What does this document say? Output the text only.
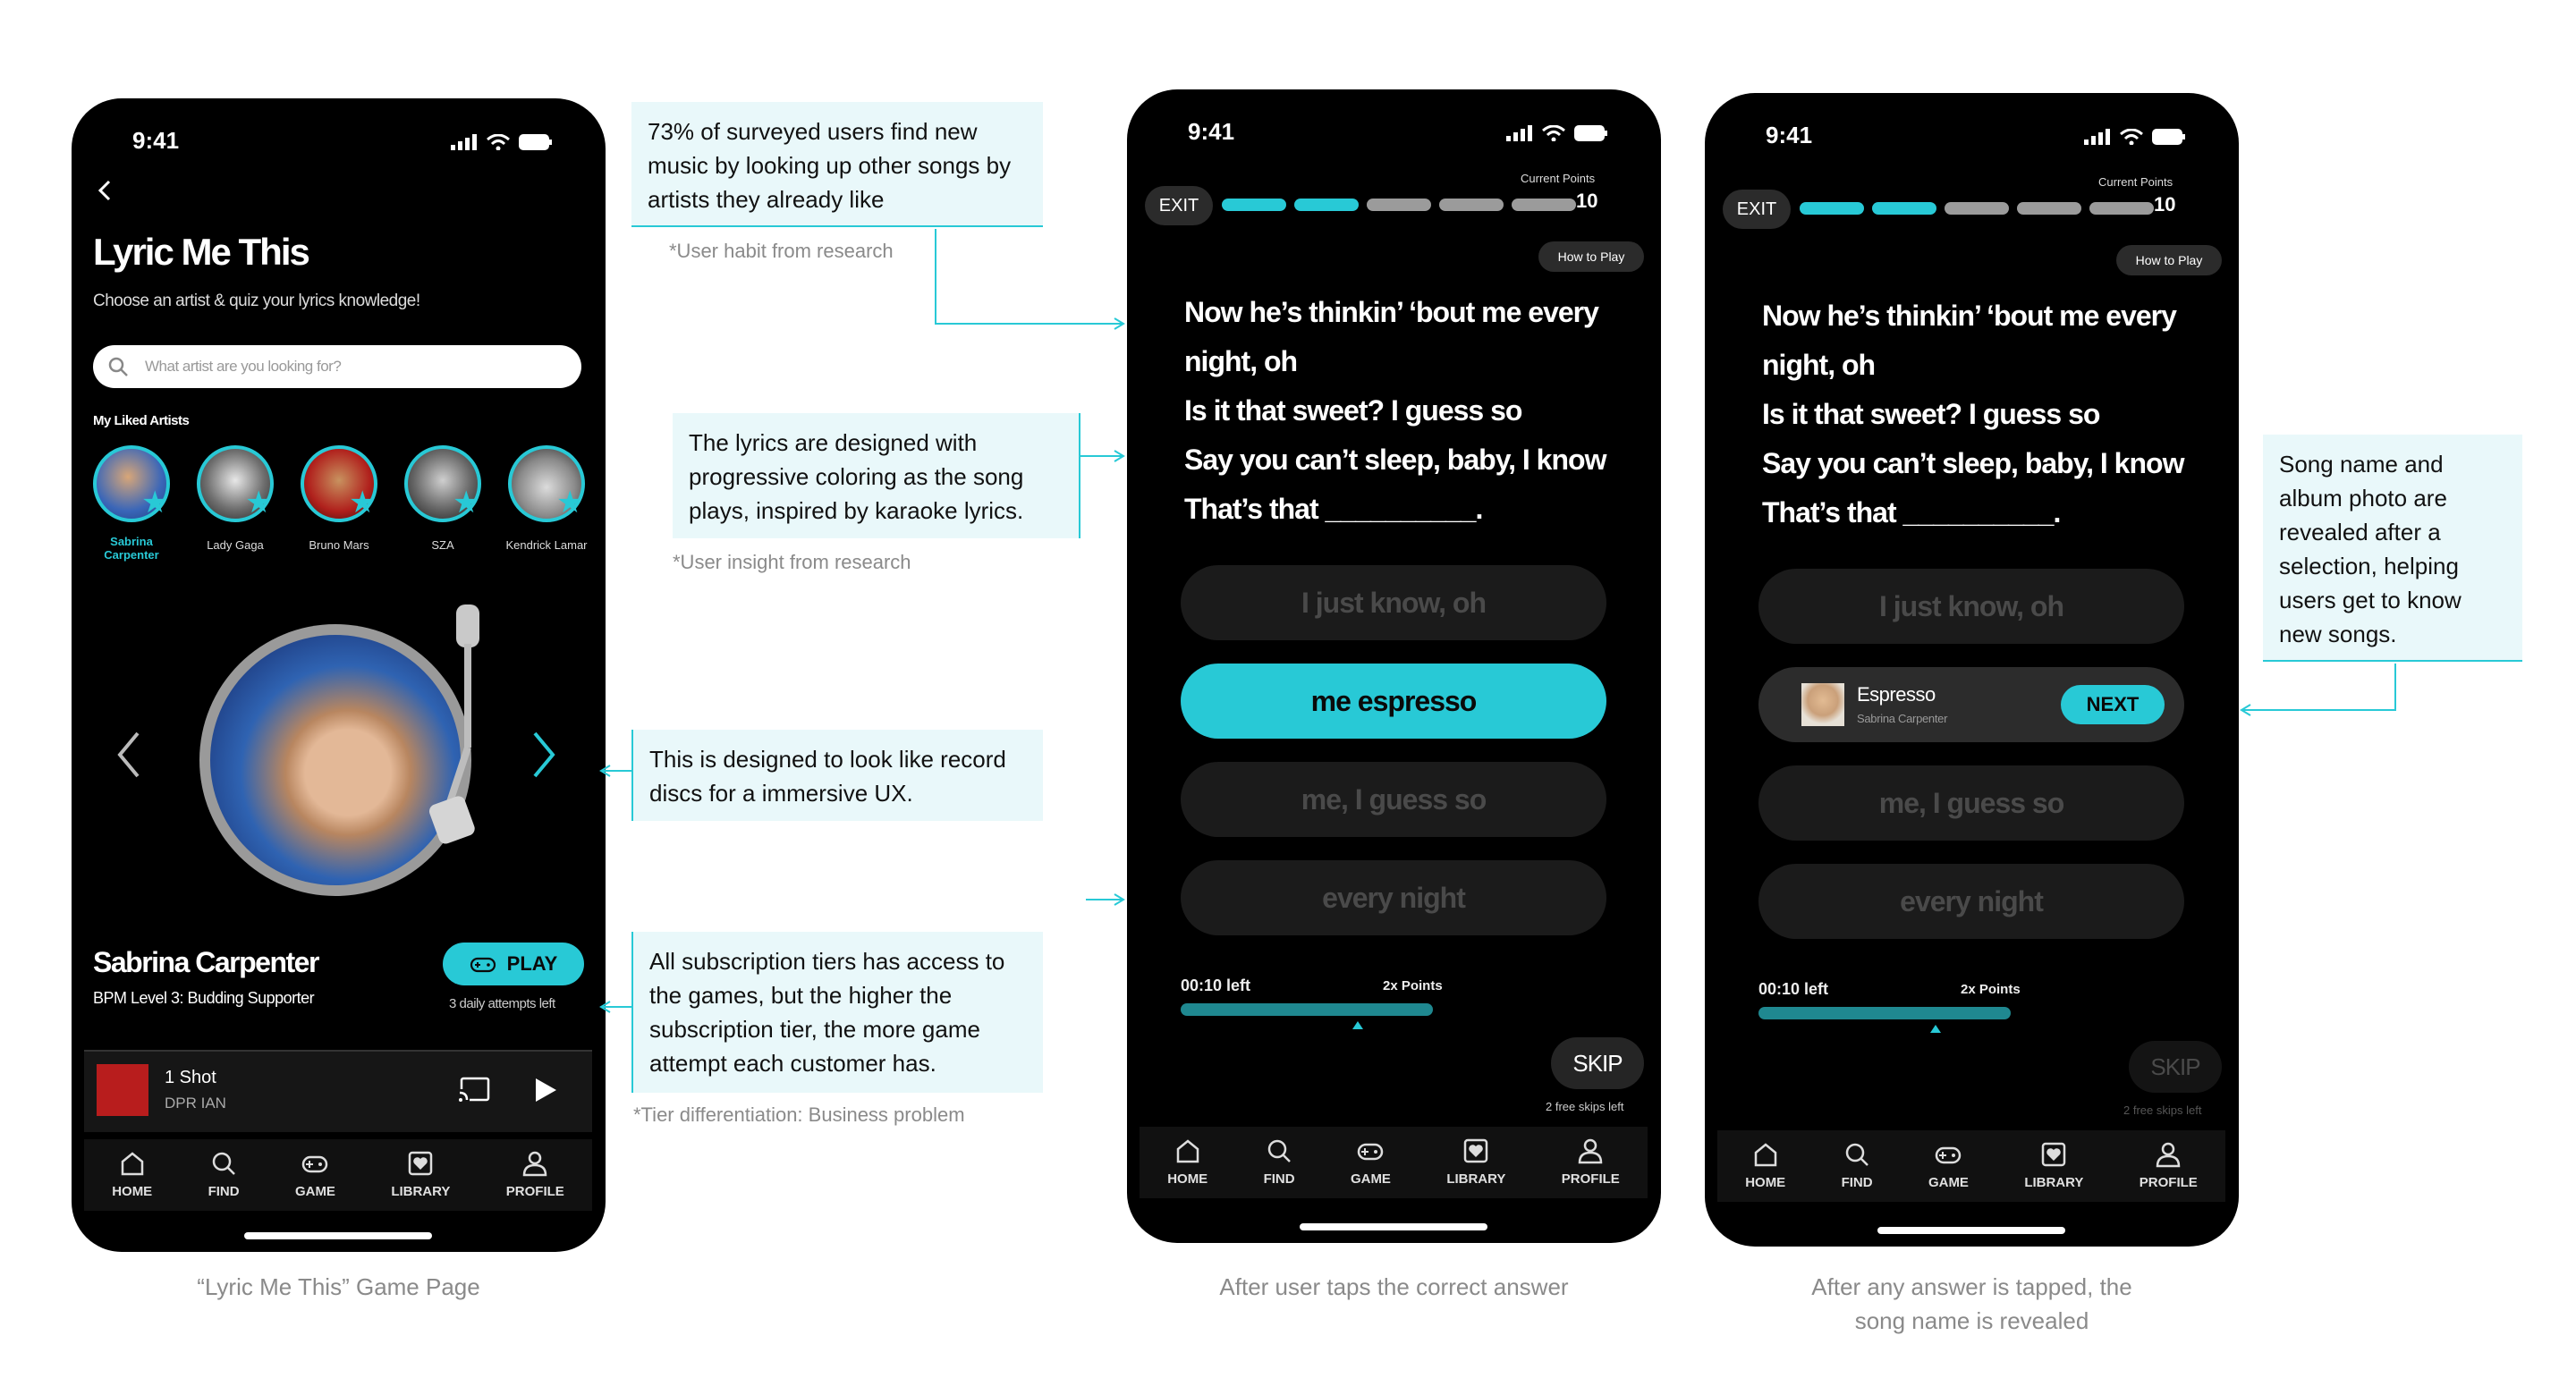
9:41
Lyric Me This
Choose an artist & quiz your lyrics knowledge!
What artist are you looking for?
My Liked Artists
★
Sabrina Carpenter
★
Lady Gaga
★
Bruno Mars
★
SZA
★
Kendrick Lamar
Sabrina Carpenter
BPM Level 3: Budding Supporter
PLAY
3 daily attempts left
1 Shot
DPR IAN
HOME	FIND	GAME	LIBRARY	PROFILE
9:41
EXIT
Current Points
10
How to Play
Now he’s thinkin’ ‘bout me every
night, oh
Is it that sweet? I guess so
Say you can’t sleep, baby, I know
That’s that __________.
I just know, oh
me espresso
me, I guess so
every night
00:10 left	2x Points
SKIP
2 free skips left
HOME	FIND	GAME	LIBRARY	PROFILE
9:41
EXIT
Current Points
10
How to Play
Now he’s thinkin’ ‘bout me every
night, oh
Is it that sweet? I guess so
Say you can’t sleep, baby, I know
That’s that __________.
I just know, oh
Espresso
Sabrina Carpenter
NEXT
me, I guess so
every night
00:10 left	2x Points
SKIP
2 free skips left
HOME	FIND	GAME	LIBRARY	PROFILE
73% of surveyed users find new music by looking up other songs by artists they already like
*User habit from research
The lyrics are designed with progressive coloring as the song plays, inspired by karaoke lyrics.
*User insight from research
This is designed to look like record discs for a immersive UX.
All subscription tiers has access to the games, but the higher the subscription tier, the more game attempt each customer has.
*Tier differentiation: Business problem
Song name and album photo are revealed after a selection, helping users get to know new songs.
“Lyric Me This” Game Page	After user taps the correct answer	After any answer is tapped, the
song name is revealed
